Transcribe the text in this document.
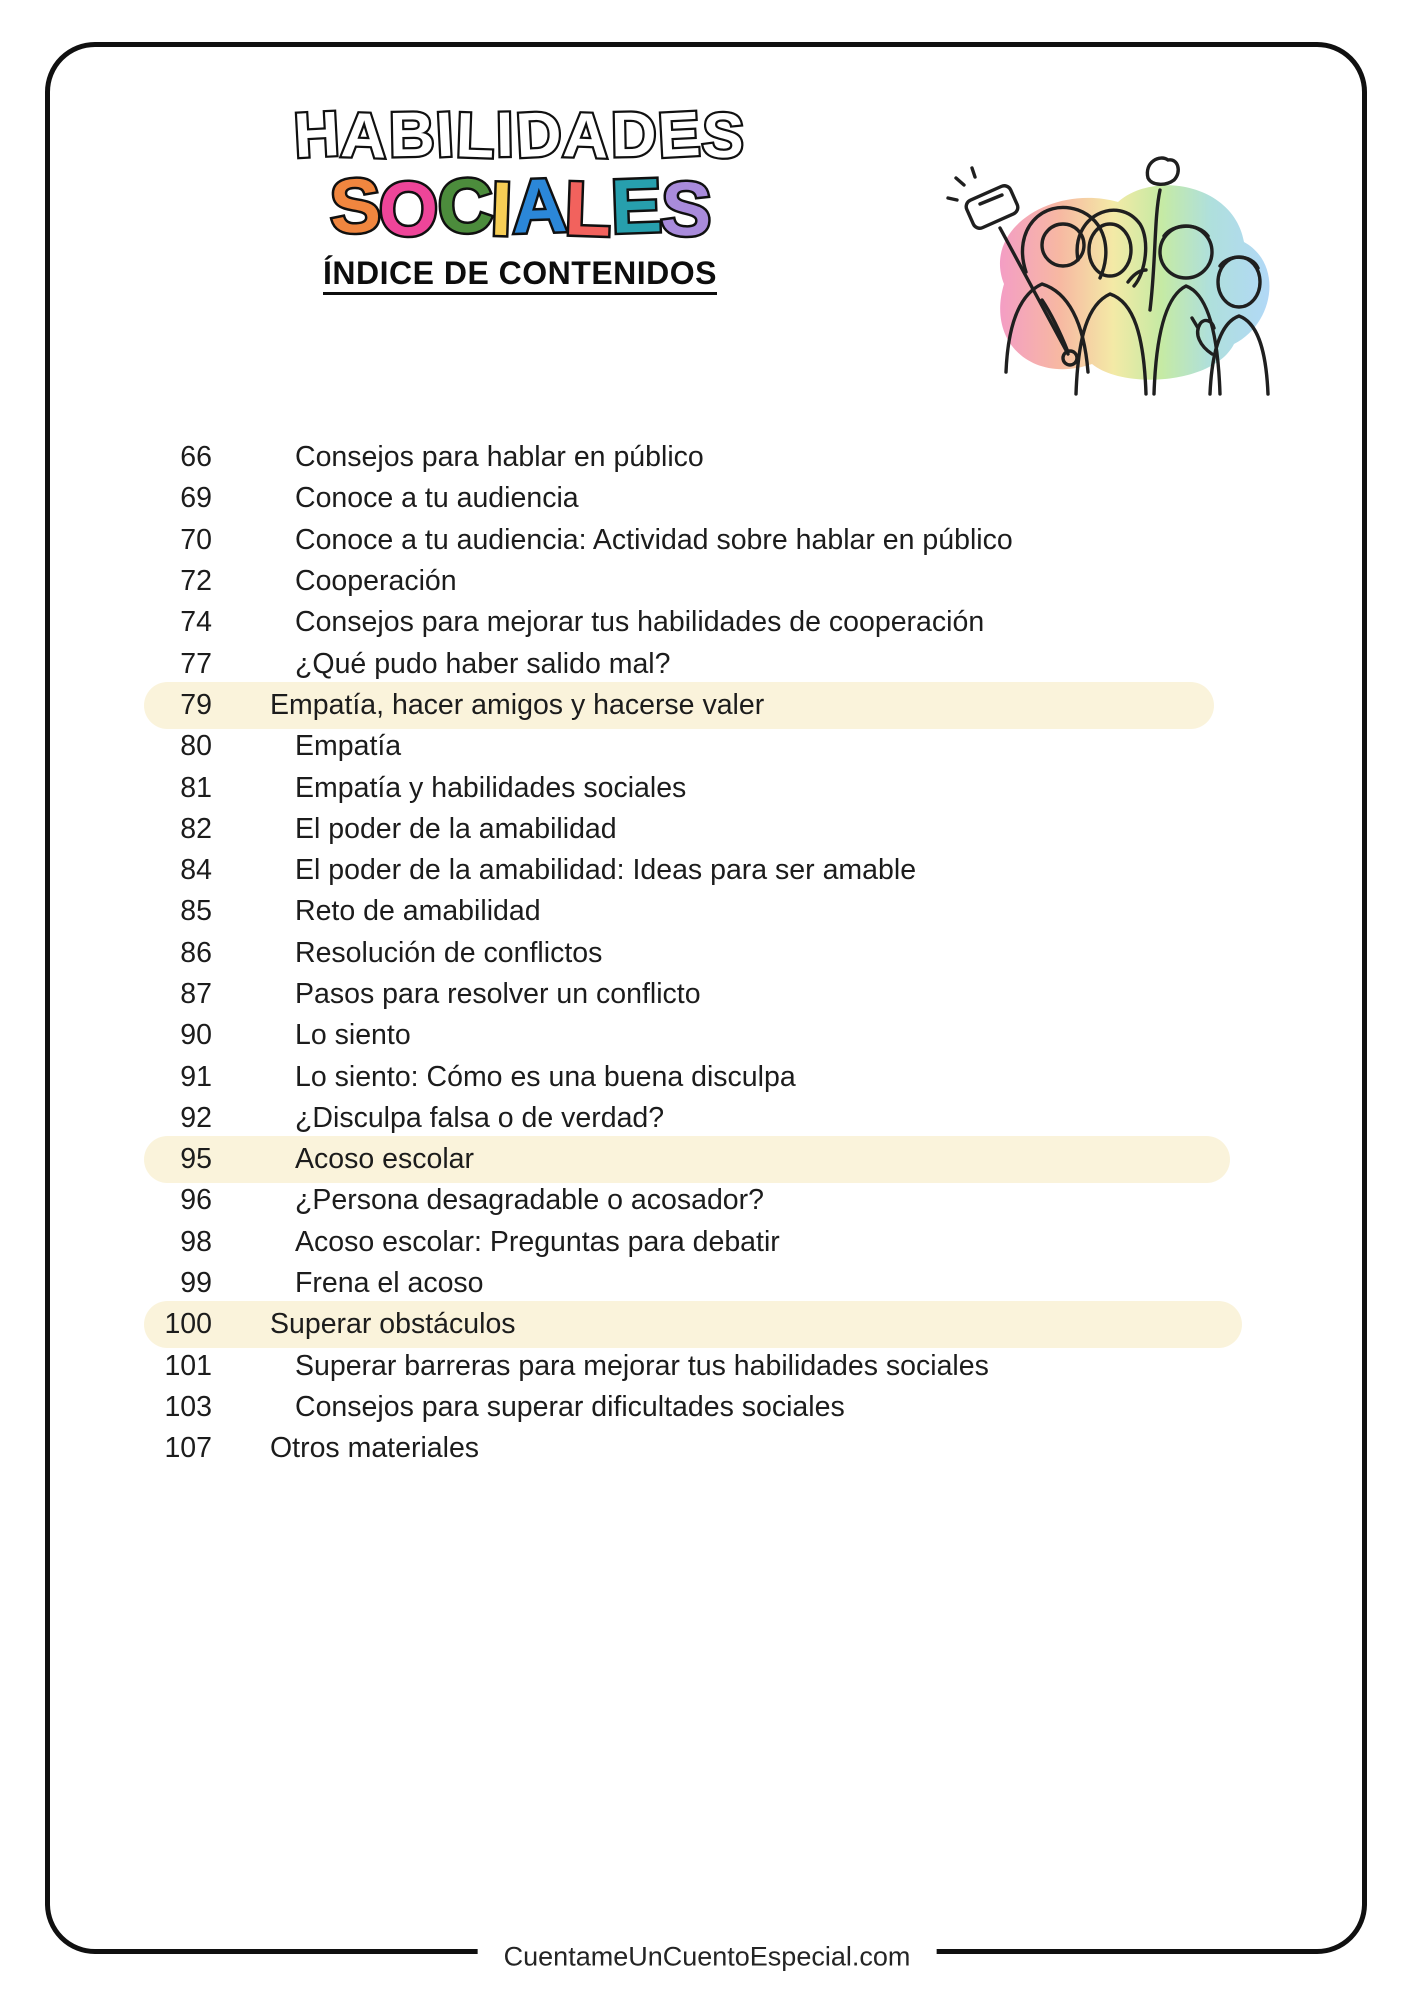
HABILIDADES
SOCIALES
ÍNDICE DE CONTENIDOS
66	Consejos para hablar en público
69	Conoce a tu audiencia
70	Conoce a tu audiencia: Actividad sobre hablar en público
72	Cooperación
74	Consejos para mejorar tus habilidades de cooperación
77	¿Qué pudo haber salido mal?
79 Empatía, hacer amigos y hacerse valer
80	Empatía
81	Empatía y habilidades sociales
82	El poder de la amabilidad
84	El poder de la amabilidad: Ideas para ser amable
85	Reto de amabilidad
86	Resolución de conflictos
87	Pasos para resolver un conflicto
90	Lo siento
91	Lo siento: Cómo es una buena disculpa
92	¿Disculpa falsa o de verdad?
95	Acoso escolar
96	¿Persona desagradable o acosador?
98	Acoso escolar: Preguntas para debatir
99	Frena el acoso
100 Superar obstáculos
101	Superar barreras para mejorar tus habilidades sociales
103	Consejos para superar dificultades sociales
107 Otros materiales
CuentameUnCuentoEspecial.com
